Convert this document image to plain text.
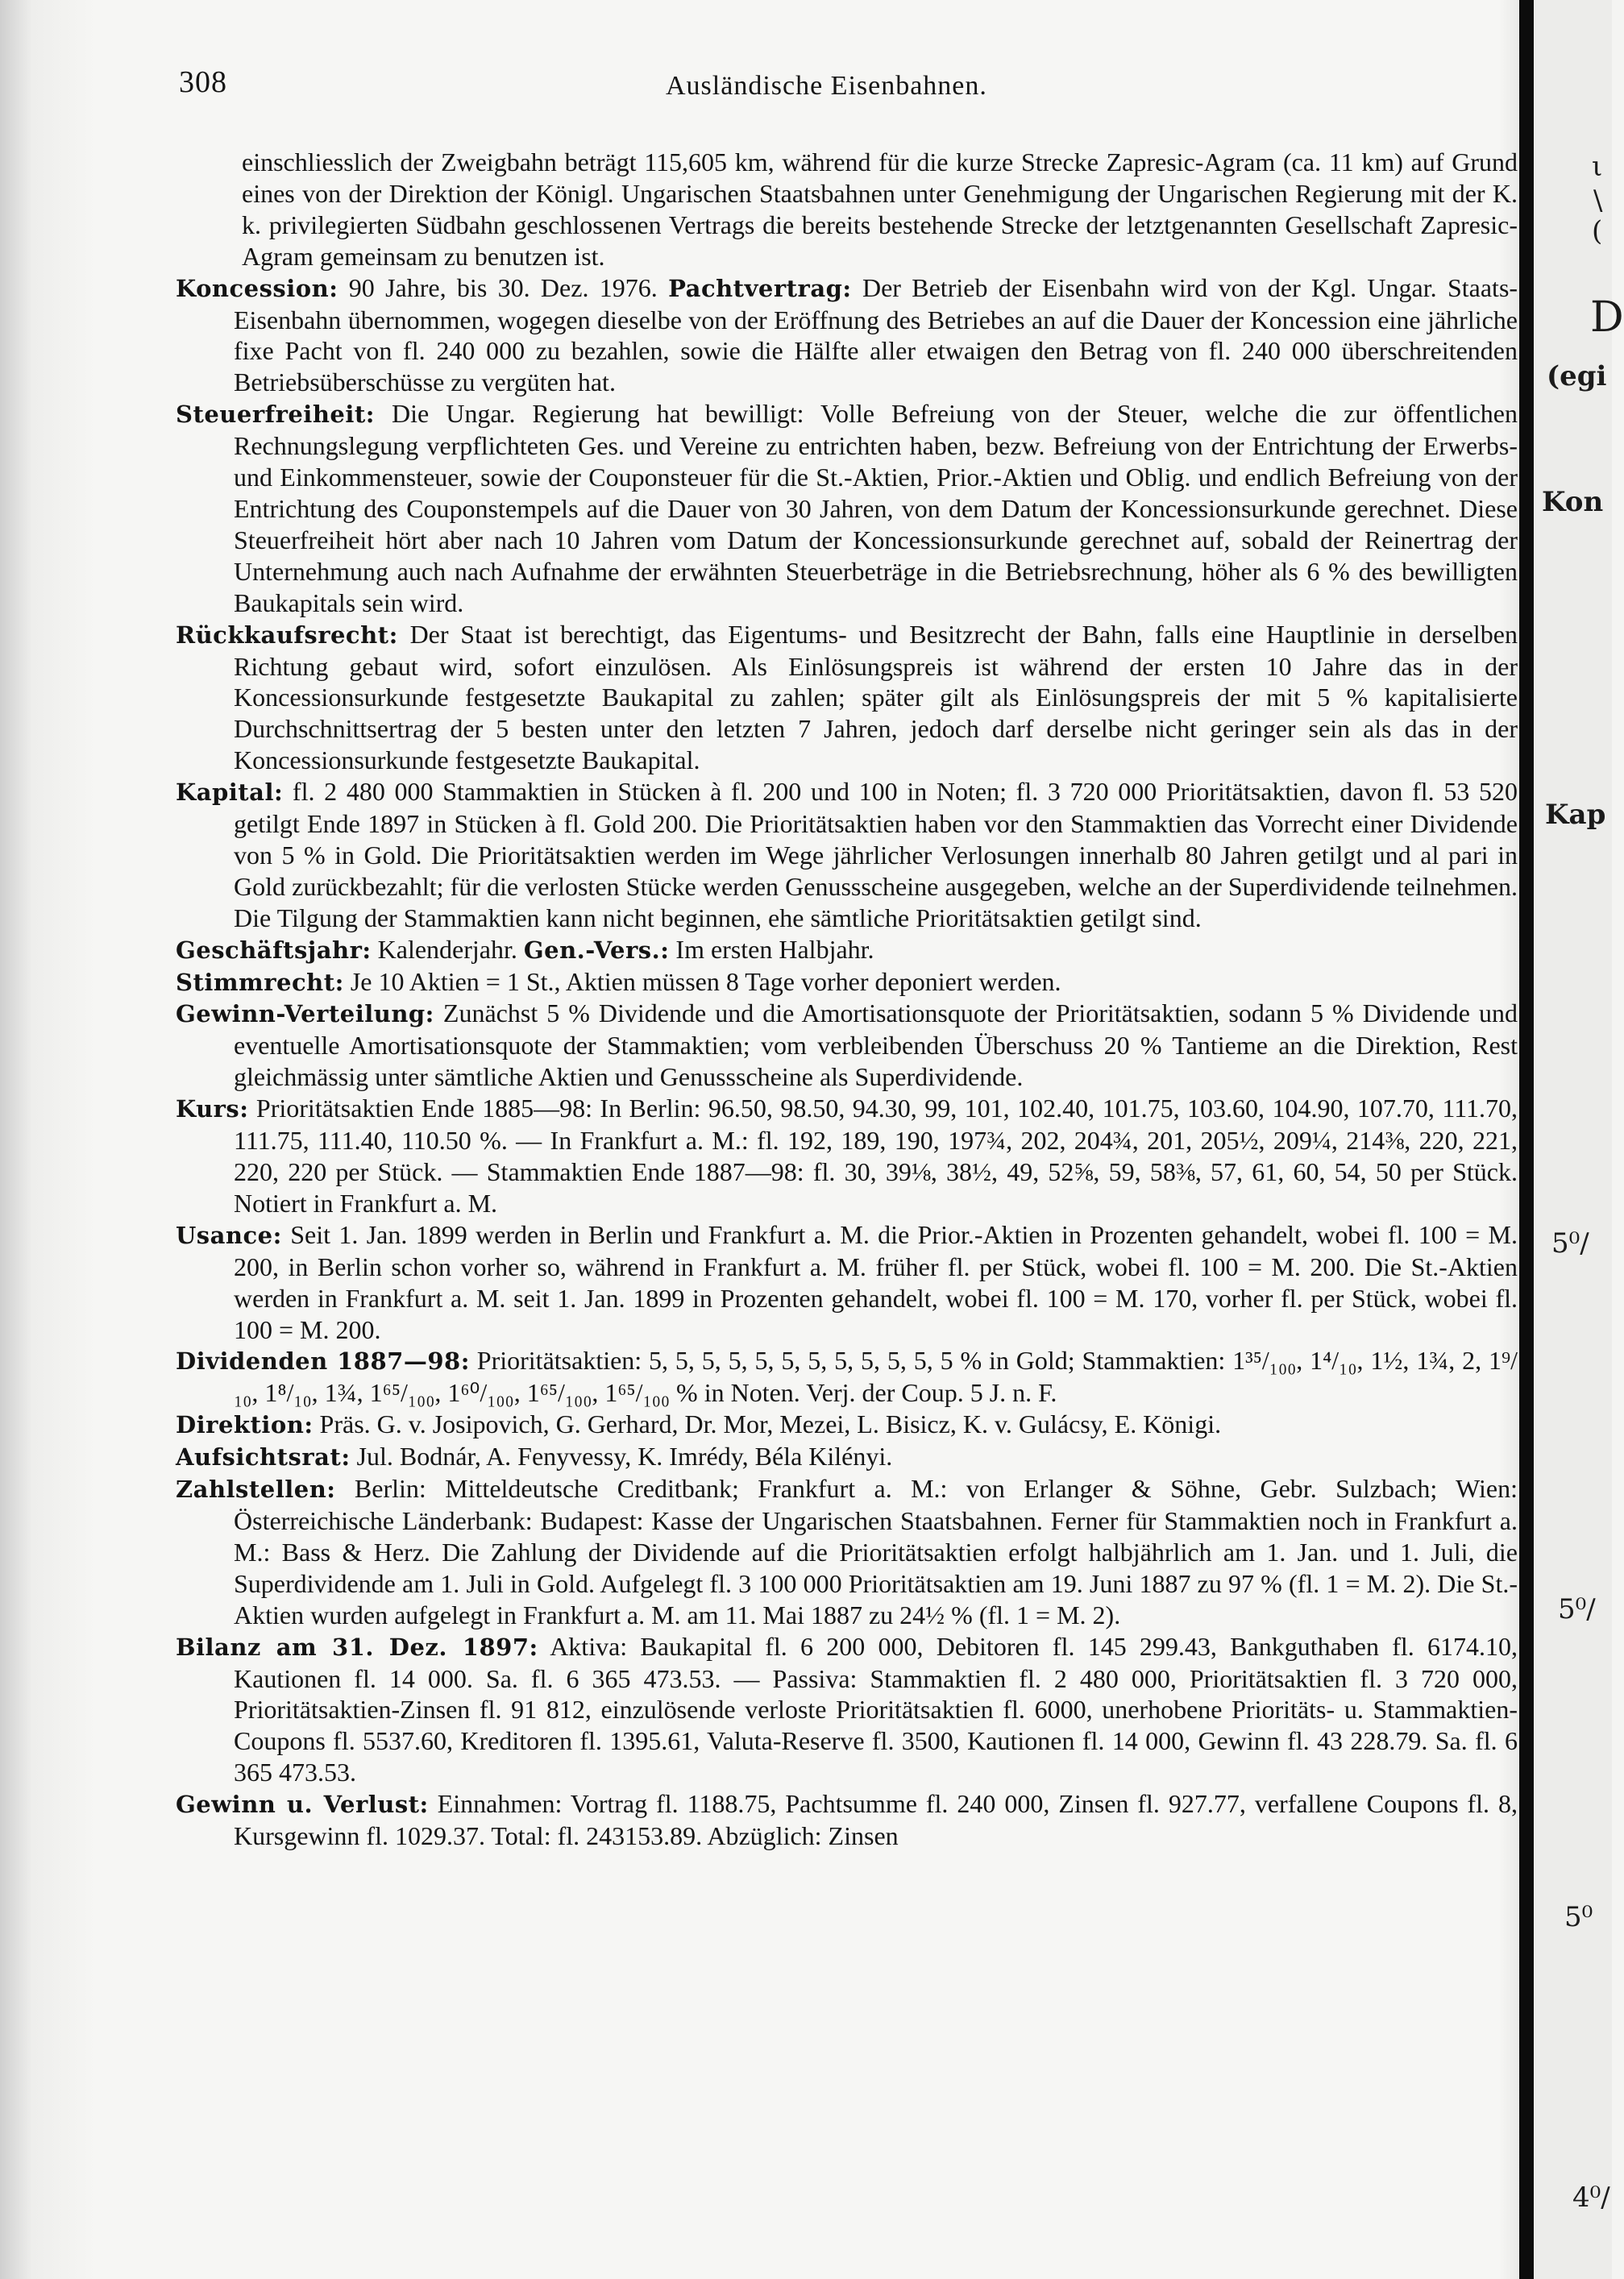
308	Ausländische Eisenbahnen.

einschliesslich der Zweigbahn beträgt 115,605 km, während für die kurze Strecke Zapresic-Agram (ca. 11 km) auf Grund eines von der Direktion der Königl. Ungarischen Staatsbahnen unter Genehmigung der Ungarischen Regierung mit der K. k. privilegierten Südbahn geschlossenen Vertrags die bereits bestehende Strecke der letztgenannten Gesellschaft Zapresic-Agram gemeinsam zu benutzen ist.

Koncession: 90 Jahre, bis 30. Dez. 1976. Pachtvertrag: Der Betrieb der Eisenbahn wird von der Kgl. Ungar. Staats-Eisenbahn übernommen, wogegen dieselbe von der Eröffnung des Betriebes an auf die Dauer der Koncession eine jährliche fixe Pacht von fl. 240 000 zu bezahlen, sowie die Hälfte aller etwaigen den Betrag von fl. 240 000 überschreitenden Betriebsüberschüsse zu vergüten hat.

Steuerfreiheit: Die Ungar. Regierung hat bewilligt: Volle Befreiung von der Steuer, welche die zur öffentlichen Rechnungslegung verpflichteten Ges. und Vereine zu entrichten haben, bezw. Befreiung von der Entrichtung der Erwerbs- und Einkommensteuer, sowie der Couponsteuer für die St.-Aktien, Prior.-Aktien und Oblig. und endlich Befreiung von der Entrichtung des Couponstempels auf die Dauer von 30 Jahren, von dem Datum der Koncessionsurkunde gerechnet. Diese Steuerfreiheit hört aber nach 10 Jahren vom Datum der Koncessionsurkunde gerechnet auf, sobald der Reinertrag der Unternehmung auch nach Aufnahme der erwähnten Steuerbeträge in die Betriebsrechnung, höher als 6 % des bewilligten Baukapitals sein wird.

Rückkaufsrecht: Der Staat ist berechtigt, das Eigentums- und Besitzrecht der Bahn, falls eine Hauptlinie in derselben Richtung gebaut wird, sofort einzulösen. Als Einlösungspreis ist während der ersten 10 Jahre das in der Koncessionsurkunde festgesetzte Baukapital zu zahlen; später gilt als Einlösungspreis der mit 5 % kapitalisierte Durchschnittsertrag der 5 besten unter den letzten 7 Jahren, jedoch darf derselbe nicht geringer sein als das in der Koncessionsurkunde festgesetzte Baukapital.

Kapital: fl. 2 480 000 Stammaktien in Stücken à fl. 200 und 100 in Noten; fl. 3 720 000 Prioritätsaktien, davon fl. 53 520 getilgt Ende 1897 in Stücken à fl. Gold 200. Die Prioritätsaktien haben vor den Stammaktien das Vorrecht einer Dividende von 5 % in Gold. Die Prioritätsaktien werden im Wege jährlicher Verlosungen innerhalb 80 Jahren getilgt und al pari in Gold zurückbezahlt; für die verlosten Stücke werden Genussscheine ausgegeben, welche an der Superdividende teilnehmen. Die Tilgung der Stammaktien kann nicht beginnen, ehe sämtliche Prioritätsaktien getilgt sind.

Geschäftsjahr: Kalenderjahr. Gen.-Vers.: Im ersten Halbjahr.

Stimmrecht: Je 10 Aktien = 1 St., Aktien müssen 8 Tage vorher deponiert werden.

Gewinn-Verteilung: Zunächst 5 % Dividende und die Amortisationsquote der Prioritätsaktien, sodann 5 % Dividende und eventuelle Amortisationsquote der Stammaktien; vom verbleibenden Überschuss 20 % Tantieme an die Direktion, Rest gleichmässig unter sämtliche Aktien und Genussscheine als Superdividende.

Kurs: Prioritätsaktien Ende 1885—98: In Berlin: 96.50, 98.50, 94.30, 99, 101, 102.40, 101.75, 103.60, 104.90, 107.70, 111.70, 111.75, 111.40, 110.50 %. — In Frankfurt a. M.: fl. 192, 189, 190, 197¾, 202, 204¾, 201, 205½, 209¼, 214⅜, 220, 221, 220, 220 per Stück. — Stammaktien Ende 1887—98: fl. 30, 39⅛, 38½, 49, 52⅝, 59, 58⅜, 57, 61, 60, 54, 50 per Stück. Notiert in Frankfurt a. M.

Usance: Seit 1. Jan. 1899 werden in Berlin und Frankfurt a. M. die Prior.-Aktien in Prozenten gehandelt, wobei fl. 100 = M. 200, in Berlin schon vorher so, während in Frankfurt a. M. früher fl. per Stück, wobei fl. 100 = M. 200. Die St.-Aktien werden in Frankfurt a. M. seit 1. Jan. 1899 in Prozenten gehandelt, wobei fl. 100 = M. 170, vorher fl. per Stück, wobei fl. 100 = M. 200.

Dividenden 1887—98: Prioritätsaktien: 5, 5, 5, 5, 5, 5, 5, 5, 5, 5, 5, 5 % in Gold; Stammaktien: 1³⁵/₁₀₀, 1⁴/₁₀, 1½, 1¾, 2, 1⁹/₁₀, 1⁸/₁₀, 1¾, 1⁶⁵/₁₀₀, 1⁶⁰/₁₀₀, 1⁶⁵/₁₀₀, 1⁶⁵/₁₀₀ % in Noten. Verj. der Coup. 5 J. n. F.

Direktion: Präs. G. v. Josipovich, G. Gerhard, Dr. Mor, Mezei, L. Bisicz, K. v. Gulácsy, E. Königi.

Aufsichtsrat: Jul. Bodnár, A. Fenyvessy, K. Imrédy, Béla Kilényi.

Zahlstellen: Berlin: Mitteldeutsche Creditbank; Frankfurt a. M.: von Erlanger & Söhne, Gebr. Sulzbach; Wien: Österreichische Länderbank: Budapest: Kasse der Ungarischen Staatsbahnen. Ferner für Stammaktien noch in Frankfurt a. M.: Bass & Herz. Die Zahlung der Dividende auf die Prioritätsaktien erfolgt halbjährlich am 1. Jan. und 1. Juli, die Superdividende am 1. Juli in Gold. Aufgelegt fl. 3 100 000 Prioritätsaktien am 19. Juni 1887 zu 97 % (fl. 1 = M. 2). Die St.-Aktien wurden aufgelegt in Frankfurt a. M. am 11. Mai 1887 zu 24½ % (fl. 1 = M. 2).

Bilanz am 31. Dez. 1897: Aktiva: Baukapital fl. 6 200 000, Debitoren fl. 145 299.43, Bankguthaben fl. 6174.10, Kautionen fl. 14 000. Sa. fl. 6 365 473.53. — Passiva: Stammaktien fl. 2 480 000, Prioritätsaktien fl. 3 720 000, Prioritätsaktien-Zinsen fl. 91 812, einzulösende verloste Prioritätsaktien fl. 6000, unerhobene Prioritäts- u. Stammaktien-Coupons fl. 5537.60, Kreditoren fl. 1395.61, Valuta-Reserve fl. 3500, Kautionen fl. 14 000, Gewinn fl. 43 228.79. Sa. fl. 6 365 473.53.

Gewinn u. Verlust: Einnahmen: Vortrag fl. 1188.75, Pachtsumme fl. 240 000, Zinsen fl. 927.77, verfallene Coupons fl. 8, Kursgewinn fl. 1029.37. Total: fl. 243153.89. Abzüglich: Zinsen

ι
\
(
D
(egi
Kon
Kap
5⁰/
5⁰/
5⁰
4⁰/
